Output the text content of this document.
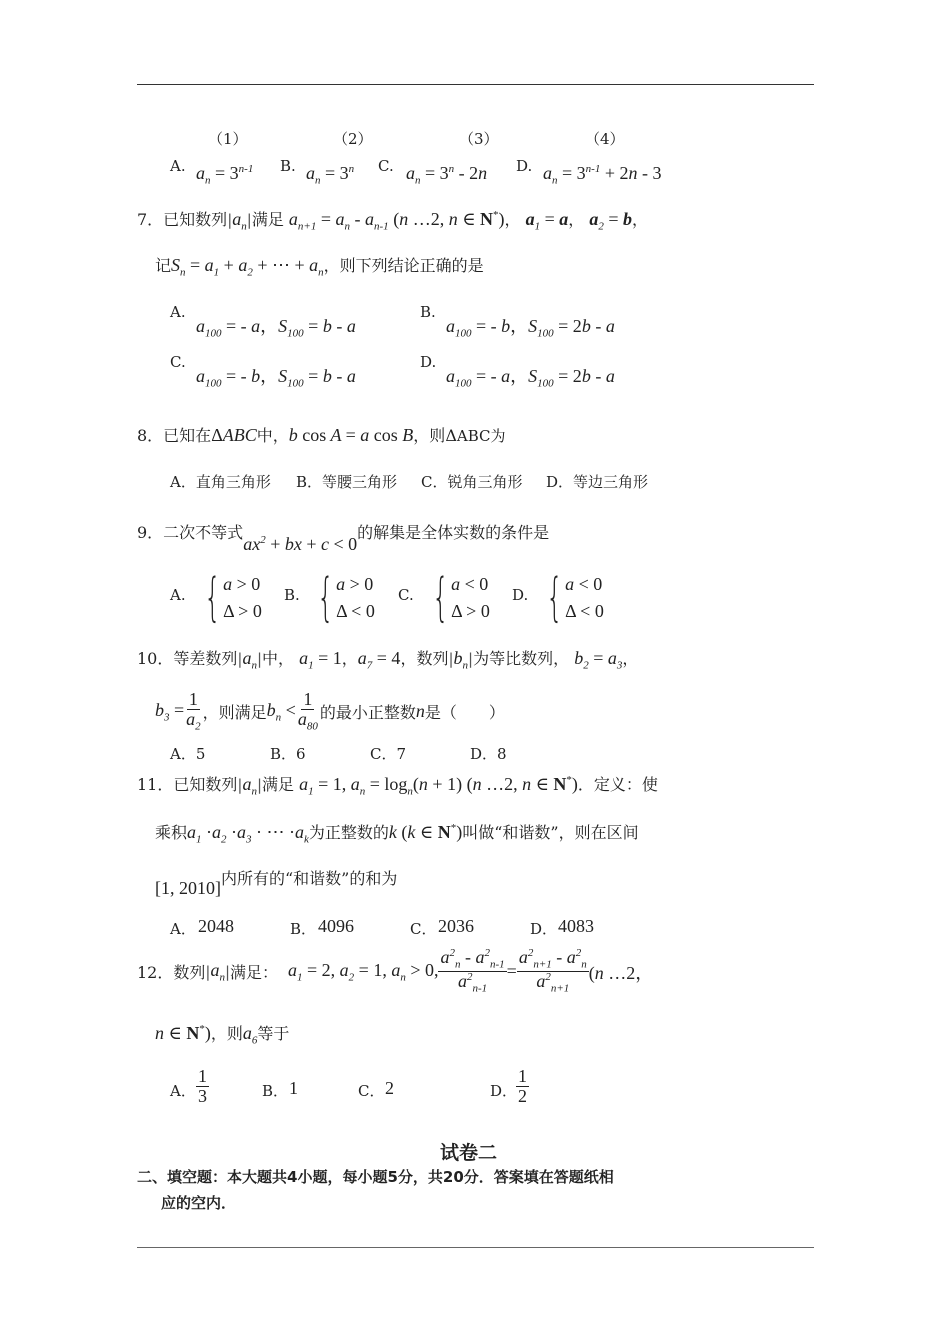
（1）	（2）	（3）	（4）
A. $a_n = 3^{n-1}$ B. $a_n = 3^n$ C. $a_n = 3^n - 2n$ D. $a_n = 3^{n-1} + 2n - 3$
7．已知数列$|a_n|$满足 $a_{n+1} = a_n - a_{n-1}$ (n …2, n ∈ N*)， $a_1 = a$， $a_2 = b$，
记$S_n = a_1 + a_2$ + ⋯ + $a_n$，则下列结论正确的是
A.
$a_{100}$ = - a，$S_{100} = b - a$
B.
$a_{100}$ = - b，$S_{100} = 2b - a$
C.
$a_{100}$ = - b，$S_{100} = b - a$
D.
$a_{100}$ = - a，$S_{100} = 2b - a$
8．已知在ΔABC中，b cos A = a cos B，则ΔABC为
A．直角三角形 B．等腰三角形 C．锐角三角形 D．等边三角形
9．二次不等式$ax^2$ + bx + c < 0的解集是全体实数的条件是
A. { a > 0
Δ > 0
B. { a > 0
Δ < 0
C. { a < 0
Δ > 0
D. { a < 0
Δ < 0
10．等差数列$|a_n|$中， $a_1 = 1$，$a_7 = 4$，数列$|b_n|$为等比数列， $b_2 = a_3$，
$b_3 = \frac{1}{a_2}$ ，则满足 $b_n < \frac{1}{a_{80}}$ 的最小正整数 n 是（　　）
A．5	B．6	C．7	D．8
11．已知数列$|a_n|$满足 $a_1 = 1$, $a_n = \log_n(n + 1)$ (n …2, n ∈ N*)．定义：使
乘积$a_1 \cdot a_2 \cdot a_3$ · ⋯ $\cdot a_k$为正整数的k (k ∈ N*)叫做“和谐数”，则在区间
[1, 2010]内所有的“和谐数”的和为
A． 2048	B． 4096	C． 2036	D． 4083
12．数列 | $a_n$ | 满足： $a_1 = 2$, $a_2 = 1$, $a_n > 0$, $\frac{a^2_n - a^2_{n-1}}{a^2_{n-1}} = \frac{a^2_{n+1} - a^2_n}{a^2_{n+1}} (n$ …2，
n ∈ N*)，则$a_6$等于
A． $\frac{1}{3}$	B． 1	C． 2	D．
$\frac{1}{2}$
试卷二
二、填空题：本大题共4小题，每小题5分，共20分．答案填在答题纸相
应的空内．
